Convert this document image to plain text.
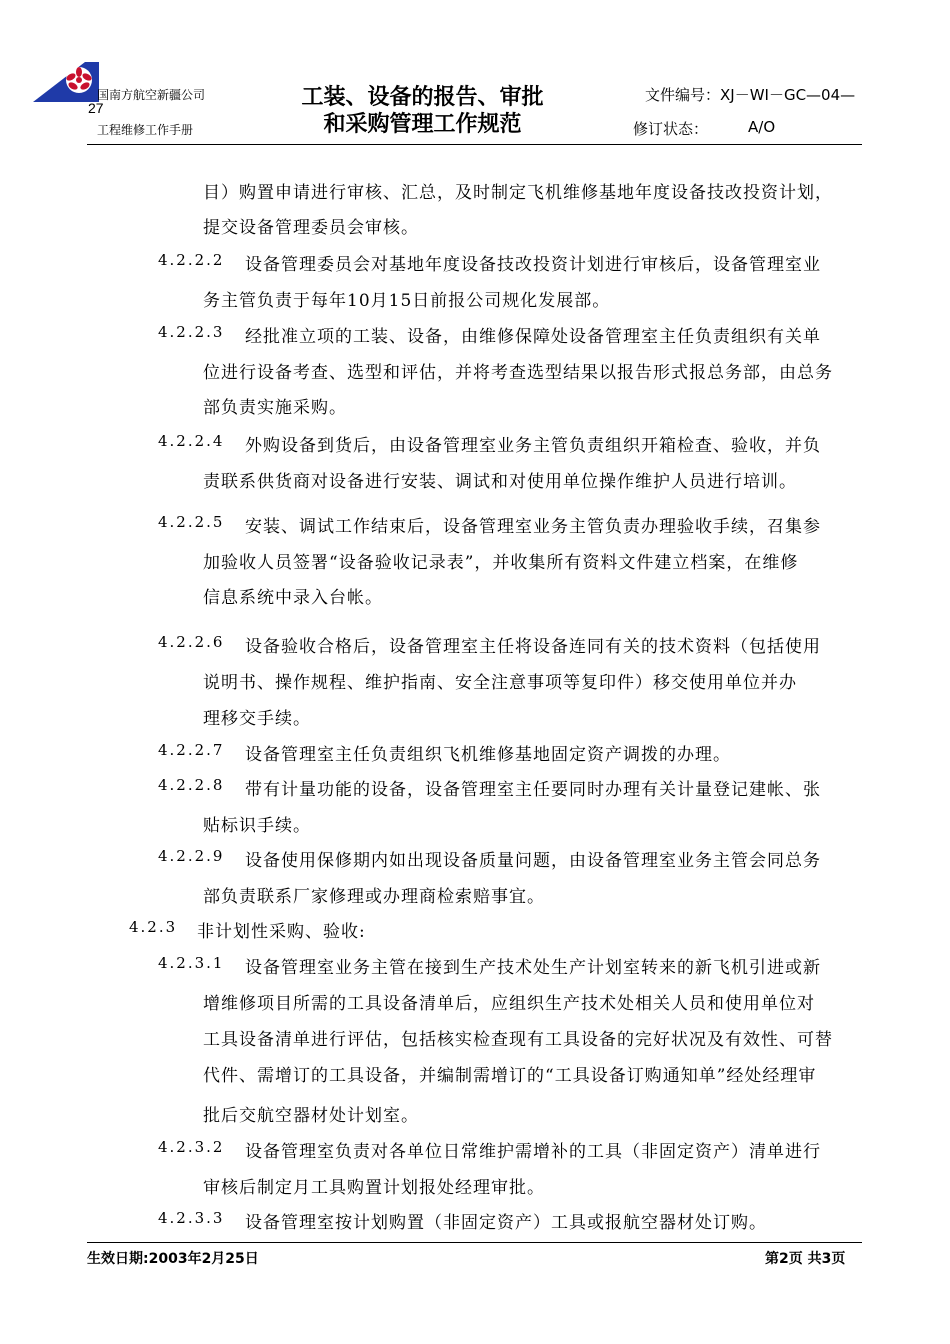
国南方航空新疆公司
27
工程维修工作手册
工装、设备的报告、审批
和采购管理工作规范
文件编号：XJ－WI－GC—04—
修订状态：	A/O
目）购置申请进行审核、汇总，及时制定飞机维修基地年度设备技改投资计划，
提交设备管理委员会审核。
4.2.2.2 设备管理委员会对基地年度设备技改投资计划进行审核后，设备管理室业
务主管负责于每年10月15日前报公司规化发展部。
4.2.2.3 经批准立项的工装、设备，由维修保障处设备管理室主任负责组织有关单
位进行设备考查、选型和评估，并将考查选型结果以报告形式报总务部，由总务
部负责实施采购。
4.2.2.4 外购设备到货后，由设备管理室业务主管负责组织开箱检查、验收，并负
责联系供货商对设备进行安装、调试和对使用单位操作维护人员进行培训。
4.2.2.5 安装、调试工作结束后，设备管理室业务主管负责办理验收手续，召集参
加验收人员签署“设备验收记录表”，并收集所有资料文件建立档案，在维修
信息系统中录入台帐。
4.2.2.6 设备验收合格后，设备管理室主任将设备连同有关的技术资料（包括使用
说明书、操作规程、维护指南、安全注意事项等复印件）移交使用单位并办
理移交手续。
4.2.2.7 设备管理室主任负责组织飞机维修基地固定资产调拨的办理。
4.2.2.8 带有计量功能的设备，设备管理室主任要同时办理有关计量登记建帐、张
贴标识手续。
4.2.2.9 设备使用保修期内如出现设备质量问题，由设备管理室业务主管会同总务
部负责联系厂家修理或办理商检索赔事宜。
4.2.3 非计划性采购、验收:
4.2.3.1 设备管理室业务主管在接到生产技术处生产计划室转来的新飞机引进或新
增维修项目所需的工具设备清单后，应组织生产技术处相关人员和使用单位对
工具设备清单进行评估，包括核实检查现有工具设备的完好状况及有效性、可替
代件、需增订的工具设备，并编制需增订的“工具设备订购通知单”经处经理审
批后交航空器材处计划室。
4.2.3.2 设备管理室负责对各单位日常维护需增补的工具（非固定资产）清单进行
审核后制定月工具购置计划报处经理审批。
4.2.3.3 设备管理室按计划购置（非固定资产）工具或报航空器材处订购。
生效日期:2003年2月25日	第2页 共3页
